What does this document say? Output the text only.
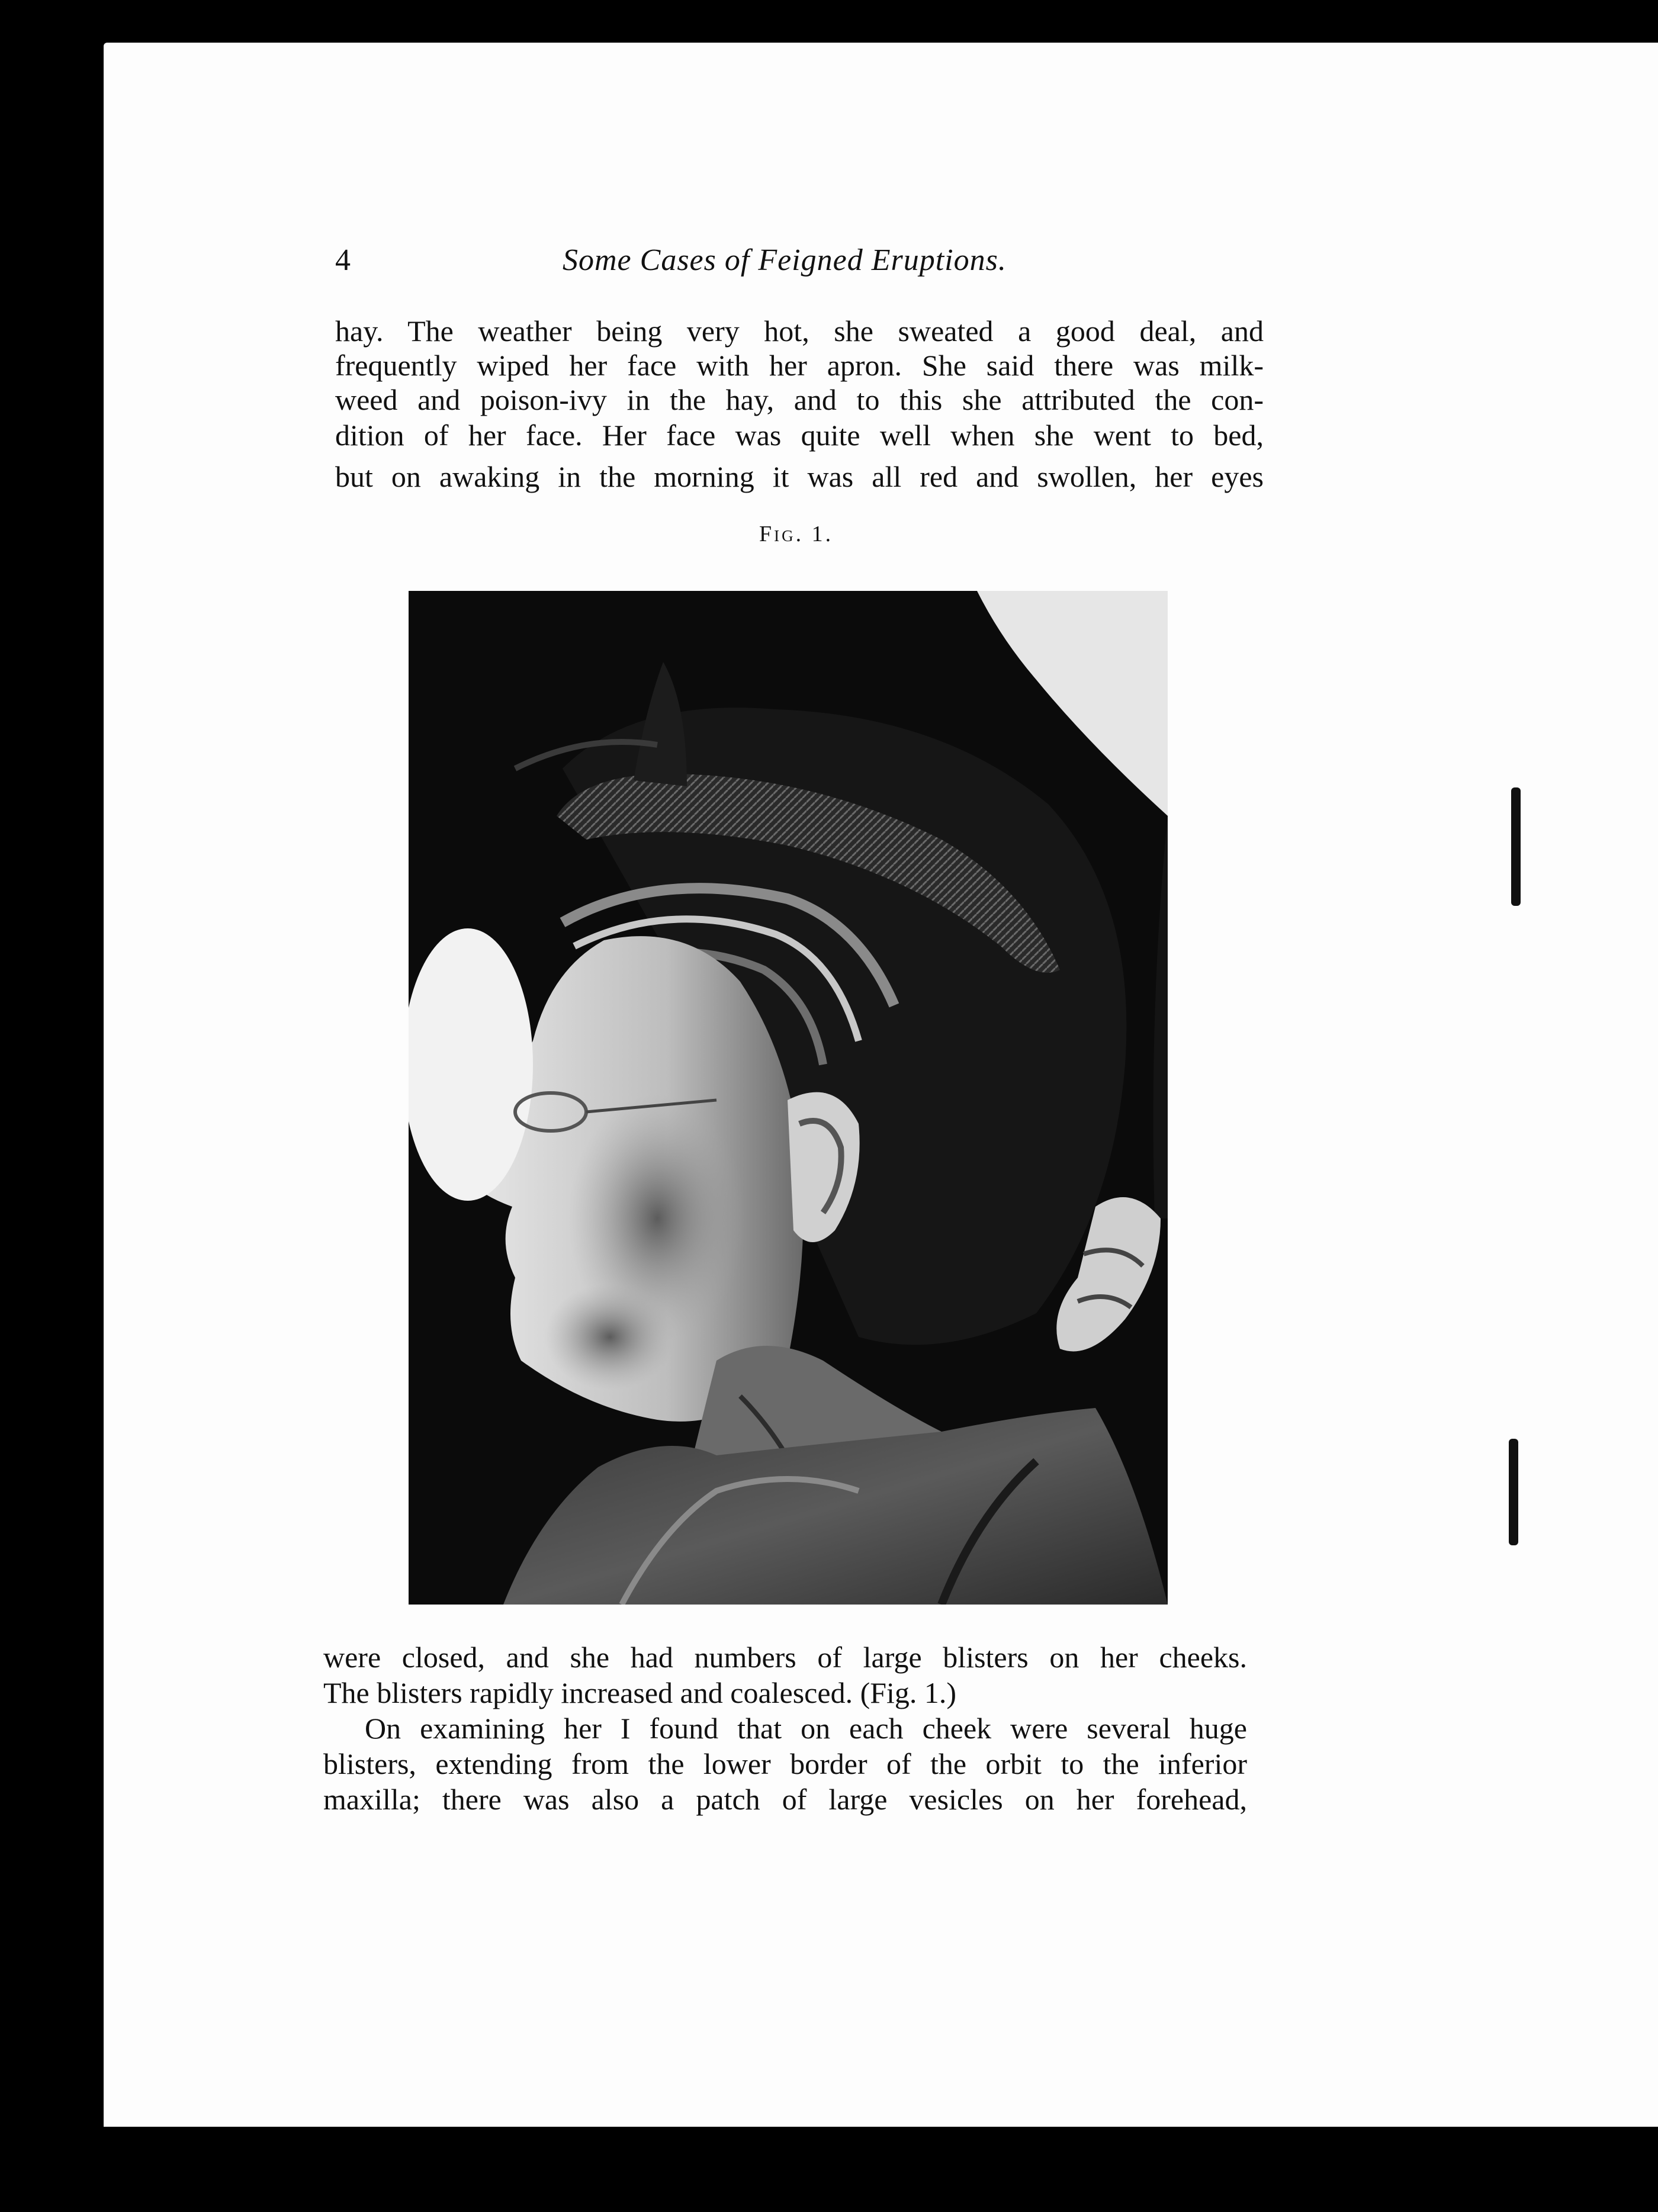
4	Some Cases of Feigned Eruptions.
hay. The weather being very hot, she sweated a good deal, and
frequently wiped her face with her apron. She said there was milk-
weed and poison-ivy in the hay, and to this she attributed the con-
dition of her face. Her face was quite well when she went to bed,
but on awaking in the morning it was all red and swollen, her eyes
Fig. 1.
were closed, and she had numbers of large blisters on her cheeks.
The blisters rapidly increased and coalesced. (Fig. 1.)
On examining her I found that on each cheek were several huge
blisters, extending from the lower border of the orbit to the inferior
maxilla; there was also a patch of large vesicles on her forehead,
